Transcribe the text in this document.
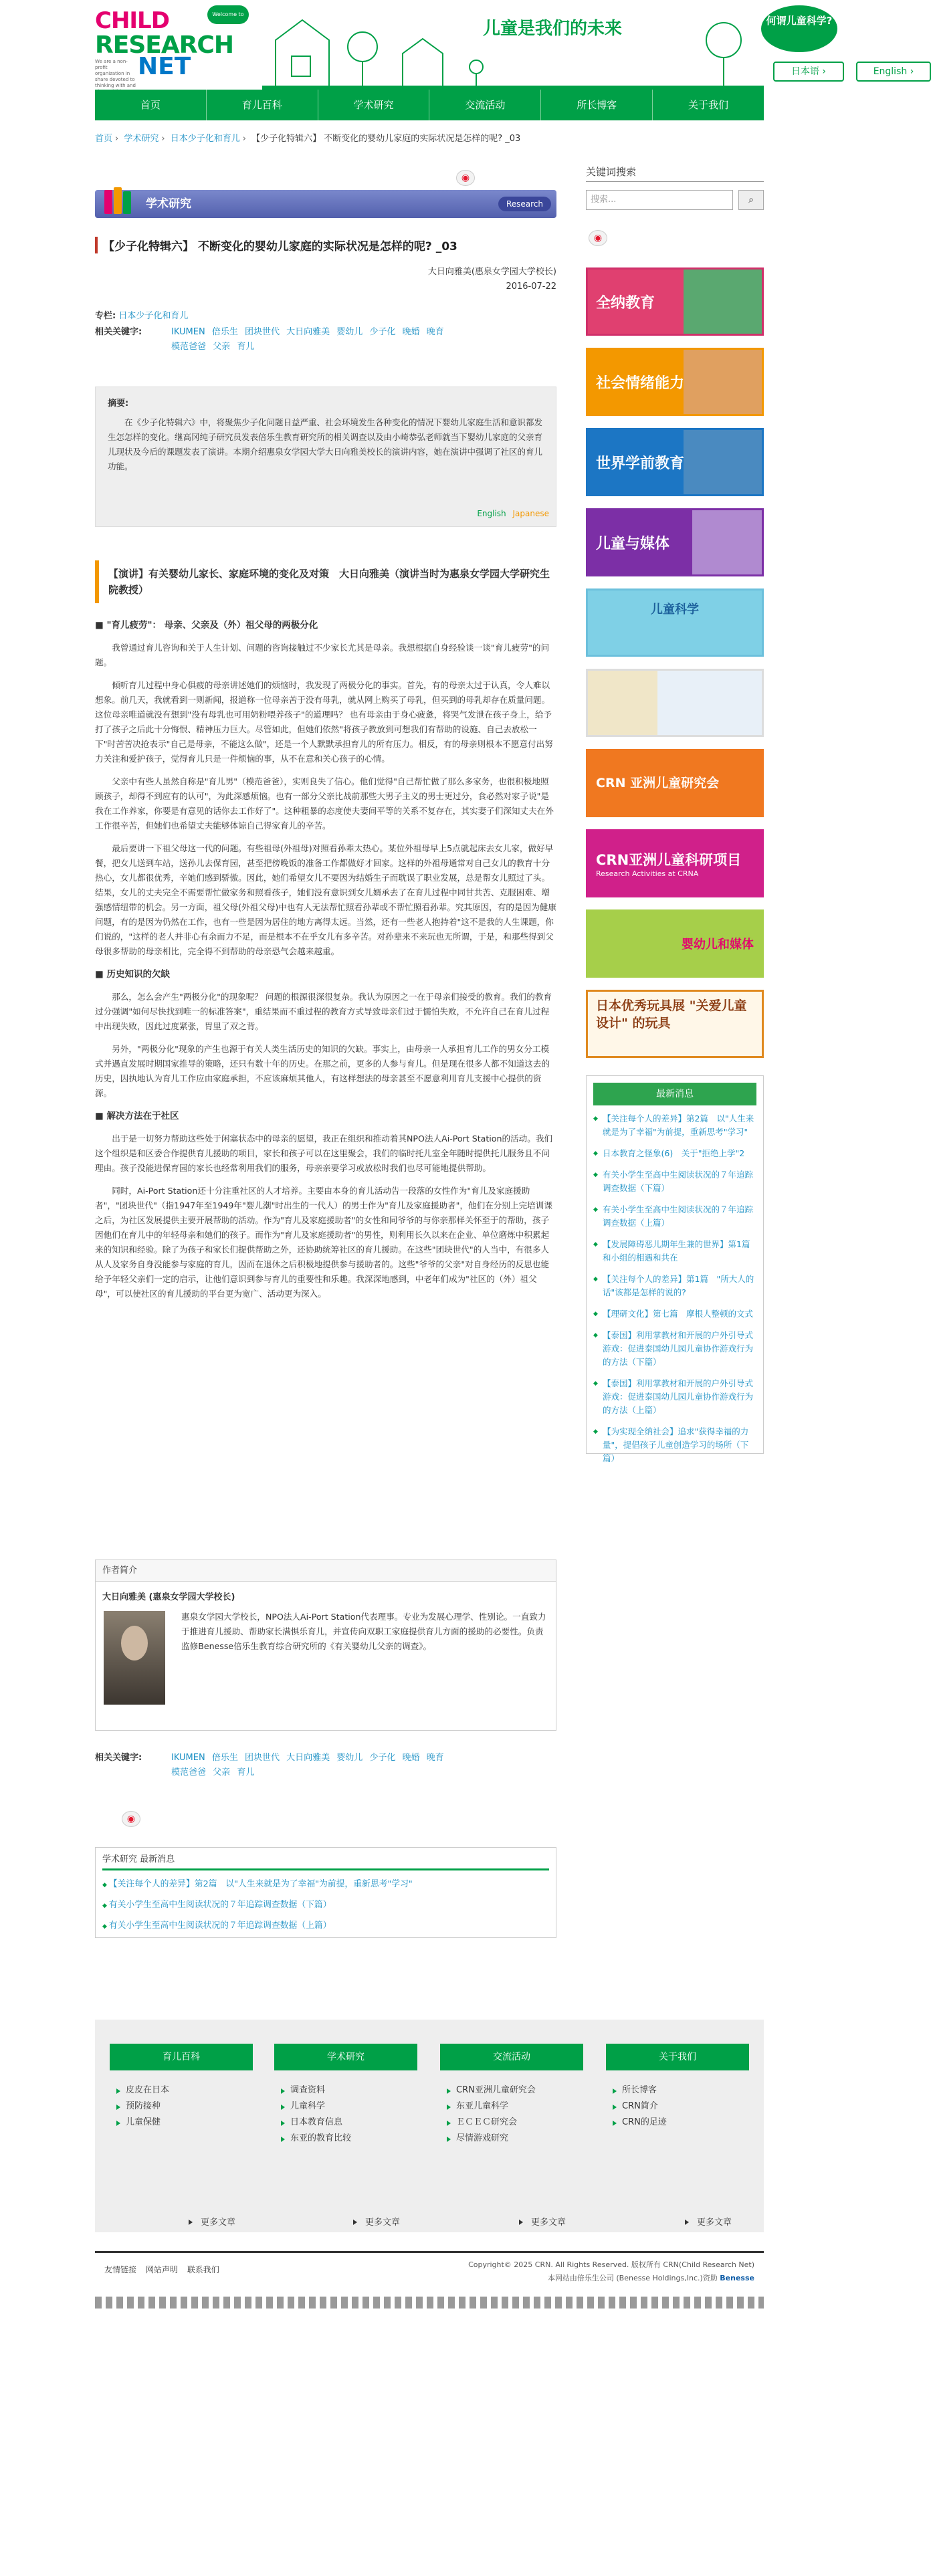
Welcome to
CHILD
RESEARCH
NET
We are a non-profit organization in share devoted to thinking with and
儿童是我们的未来	何谓儿童科学?
日本语 ›	English ›
首页	育儿百科	学术研究	交流活动	所长博客	关于我们
首页 › 学术研究 › 日本少子化和育儿 › 【少子化特辑六】 不断变化的婴幼儿家庭的实际状况是怎样的呢? _03
◉
学术研究	Research
【少子化特辑六】 不断变化的婴幼儿家庭的实际状况是怎样的呢? _03
大日向雅美(惠泉女学园大学校长)
2016-07-22
专栏: 日本少子化和育儿
相关关键字:	IKUMEN 倍乐生 团块世代 大日向雅美 婴幼儿 少子化 晚婚 晚育
模范爸爸 父亲 育儿
摘要:

在《少子化特辑六》中，将聚焦少子化问题日益严重、社会环境发生各种变化的情况下婴幼儿家庭生活和意识都发生怎怎样的变化。继高冈纯子研究员发表倍乐生教育研究所的相关调查以及由小崎恭弘老师就当下婴幼儿家庭的父亲育儿现状及今后的课题发表了演讲。本期介绍惠泉女学园大学大日向雅美校长的演讲内容，她在演讲中强调了社区的育儿功能。

English Japanese
【演讲】有关婴幼儿家长、家庭环境的变化及对策　大日向雅美（演讲当时为惠泉女学园大学研究生院教授）
■ "育儿疲劳"： 母亲、父亲及（外）祖父母的两极分化

我曾通过育儿咨询和关于人生计划、问题的咨询接触过不少家长尤其是母亲。我想根据自身经验谈一谈"育儿疲劳"的问题。

倾听育儿过程中身心俱疲的母亲讲述她们的烦恼时，我发现了两极分化的事实。首先，有的母亲太过于认真，令人难以想象。前几天，我就看到一则新闻，报道称一位母亲苦于没有母乳，就从网上购买了母乳，但买到的母乳却存在质量问题。这位母亲唯道就没有想到"没有母乳也可用奶粉喂养孩子"的道理吗？ 也有母亲由于身心疲惫，将哭气发泄在孩子身上，给予打了孩子之后此十分悔恨、精神压力巨大。尽管如此，但她们依然"将孩子教放到可想我们有帮助的设施、自己去放松一下"时苦苦决抢表示"自己是母亲，不能这么做"，还是一个人默默承担育儿的所有压力。相反，有的母亲则根本不愿意付出努力关注和爱护孩子，觉得育儿只是一件烦恼的事，从不在意和关心孩子的心情。

父亲中有些人虽然自称是"育儿男"（模范爸爸），实则良失了信心。他们觉得"自己帮忙做了那么多家务，也很积极地照顾孩子，却得不到应有的认可"，为此深感烦恼。也有一部分父亲比战前那些大男子主义的男士更过分，食必然对家子说"是我在工作养家，你要是有意见的话你去工作好了"。这种粗暴的态度使夫妻间平等的关系不复存在，其实妻子们深知丈夫在外工作很辛苦，但她们也希望丈夫能够体谅自己得家育儿的辛苦。

最后要讲一下祖父母这一代的问题。有些祖母(外祖母)对照看孙辈太热心。某位外祖母早上5点就起床去女儿家，做好早餐，把女儿送到车站，送孙儿去保育园，甚至把傍晚饭的准备工作都做好才回家。这样的外祖母通常对自己女儿的教育十分热心，女儿都很优秀，辛她们感到骄傲。因此，她们希望女儿不要因为结婚生子而耽误了职业发展，总是帮女儿照过了头。结果，女儿的丈夫完全不需要帮忙做家务和照看孩子，她们没有意识到女儿婿承去了在育儿过程中同甘共苦、克服困难、增强感情纽带的机会。另一方面，祖父母(外祖父母)中也有人无法帮忙照看孙辈或不帮忙照看孙辈。究其原因，有的是因为健康问题，有的是因为仍然在工作，也有一些是因为居住的地方离得太远。当然，还有一些老人抱持着"这不是我的人生课题，你们说的，"这样的老人并非心有余而力不足，而是根本不在乎女儿有多辛苦。对孙辈来不来玩也无所谓，于是，和那些得到父母很多帮助的母亲相比，完全得不到帮助的母亲恐气会越来越重。

■ 历史知识的欠缺

那么，怎么会产生"两极分化"的现象呢？ 问题的根源很深很复杂。我认为原因之一在于母亲们接受的教育。我们的教育过分强调"如何尽快找到唯一的标准答案"，重结果而不重过程的教育方式导致母亲们过于懦怕失败，不允许自己在育儿过程中出现失败，因此过度紧张，胃里了双之背。

另外，"两极分化"现象的产生也源于有关人类生活历史的知识的欠缺。事实上，由母亲一人承担育儿工作的男女分工模式并遇直发展时期国家推导的策略，还只有数十年的历史。在那之前，更多的人参与育儿。但是现在很多人都不知道这去的历史，因执地认为育儿工作应由家庭承担，不应该麻烦其他人，有这样想法的母亲甚至不愿意利用育儿支援中心提供的资源。

■ 解决方法在于社区

出于是一切努力帮助这些处于闲塞状态中的母亲的愿望，我正在组织和推动着其NPO法人Ai-Port Station的活动。我们这个组织是和区委合作提供育儿援助的项目，家长和孩子可以在这里聚会，我们的临时托儿室全年随时提供托儿服务且不问理由。孩子没能进保育园的家长也经常利用我们的服务，母亲亲要学习或放松时我们也尽可能地提供帮助。

同时，Ai-Port Station还十分注重社区的人才培养。主要由本身的育儿活动告一段落的女性作为"育儿及家庭援助者"，"团块世代"（指1947年至1949年"婴儿潮"时出生的一代人）的男士作为"育儿及家庭援助者"，他们在分别上完培训课之后，为社区发展提供主要开展帮助的活动。作为"育儿及家庭援助者"的女性和同爷爷的与你亲那样关怀至于的帮助，孩子因他们在育儿中的年轻母亲和她们的孩子。而作为"育儿及家庭援助者"的男性，则利用长久以来在企业、单位磨炼中积累起来的知识和经验。除了为孩子和家长们提供帮助之外，还协助统筹社区的育儿援助。在这些"团块世代"的人当中，有很多人从人及家务自身没能参与家庭的育儿，因而在退休之后积极地提供参与援助者的。这些"爷爷的父亲"对自身经历的反思也能给予年轻父亲们一定的启示，让他们意识到参与育儿的重要性和乐趣。我深深地感到，中老年们成为"社区的（外）祖父母"，可以使社区的育儿援助的平台更为宽广、活动更为深入。

作者简介
大日向雅美 (惠泉女学园大学校长)
惠泉女学园大学校长，NPO法人Ai-Port Station代表理事。专业为发展心理学、性别论。一直致力于推进育儿援助、帮助家长满惧乐育儿，并宣传向双职工家庭提供育儿方面的援助的必要性。负责监修Benesse倍乐生教育综合研究所的《有关婴幼儿父亲的调查》。
相关关键字:	IKUMEN 倍乐生 团块世代 大日向雅美 婴幼儿 少子化 晚婚 晚育
模范爸爸 父亲 育儿
◉
学术研究 最新消息
◆ 【关注每个人的差异】第2篇　以"人生来就是为了幸福"为前提，重新思考"学习"
◆ 有关小学生至高中生阅读状况的７年追踪调查数据（下篇）
◆ 有关小学生至高中生阅读状况的７年追踪调查数据（上篇）
关键词搜索
搜索...	⌕
◉
全纳教育
社会情绪能力
世界学前教育
儿童与媒体
儿童科学
CRN 亚洲儿童研究会
CRN亚洲儿童科研项目
Research Activities at CRNA
婴幼儿和媒体
日本优秀玩具展 "关爱儿童设计" 的玩具
最新消息
◆ 【关注每个人的差异】第2篇　以"人生来就是为了幸福"为前提，重新思考"学习"
◆ 日本教育之怪象(6)　关于"拒绝上学"2
◆ 有关小学生至高中生阅读状况的７年追踪调查数据（下篇）
◆ 有关小学生至高中生阅读状况的７年追踪调查数据（上篇）
◆ 【发展障碍恶儿期年生兼的世界】第1篇　和小组的相遇和共在
◆ 【关注每个人的差异】第1篇　"所大人的话"该都是怎样的说的?
◆ 【理研文化】第七篇　摩根人整顿的文式
◆ 【泰国】利用掌教材和开展的户外引导式游戏：促进泰国幼儿园儿童协作游戏行为的方法（下篇）
◆ 【泰国】利用掌教材和开展的户外引导式游戏：促进泰国幼儿园儿童协作游戏行为的方法（上篇）
◆ 【为实现全纳社会】追求"获得幸福的力量"，提倡孩子儿童创造学习的场所（下篇）
育儿百科
皮皮在日本
预防接种
儿童保健
学术研究
调查资料
儿童科学
日本教育信息
东亚的教育比较
交流活动
CRN亚洲儿童研究会
东亚儿童科学
ＥＣＥＣ研究会
尽情游戏研究
关于我们
所长博客
CRN简介
CRN的足迹
更多文章	更多文章	更多文章	更多文章
友情链接 网站声明 联系我们
Copyright© 2025 CRN. All Rights Reserved. 版权所有 CRN(Child Research Net)
本网站由倍乐生公司 (Benesse Holdings,Inc.)资助 Benesse
